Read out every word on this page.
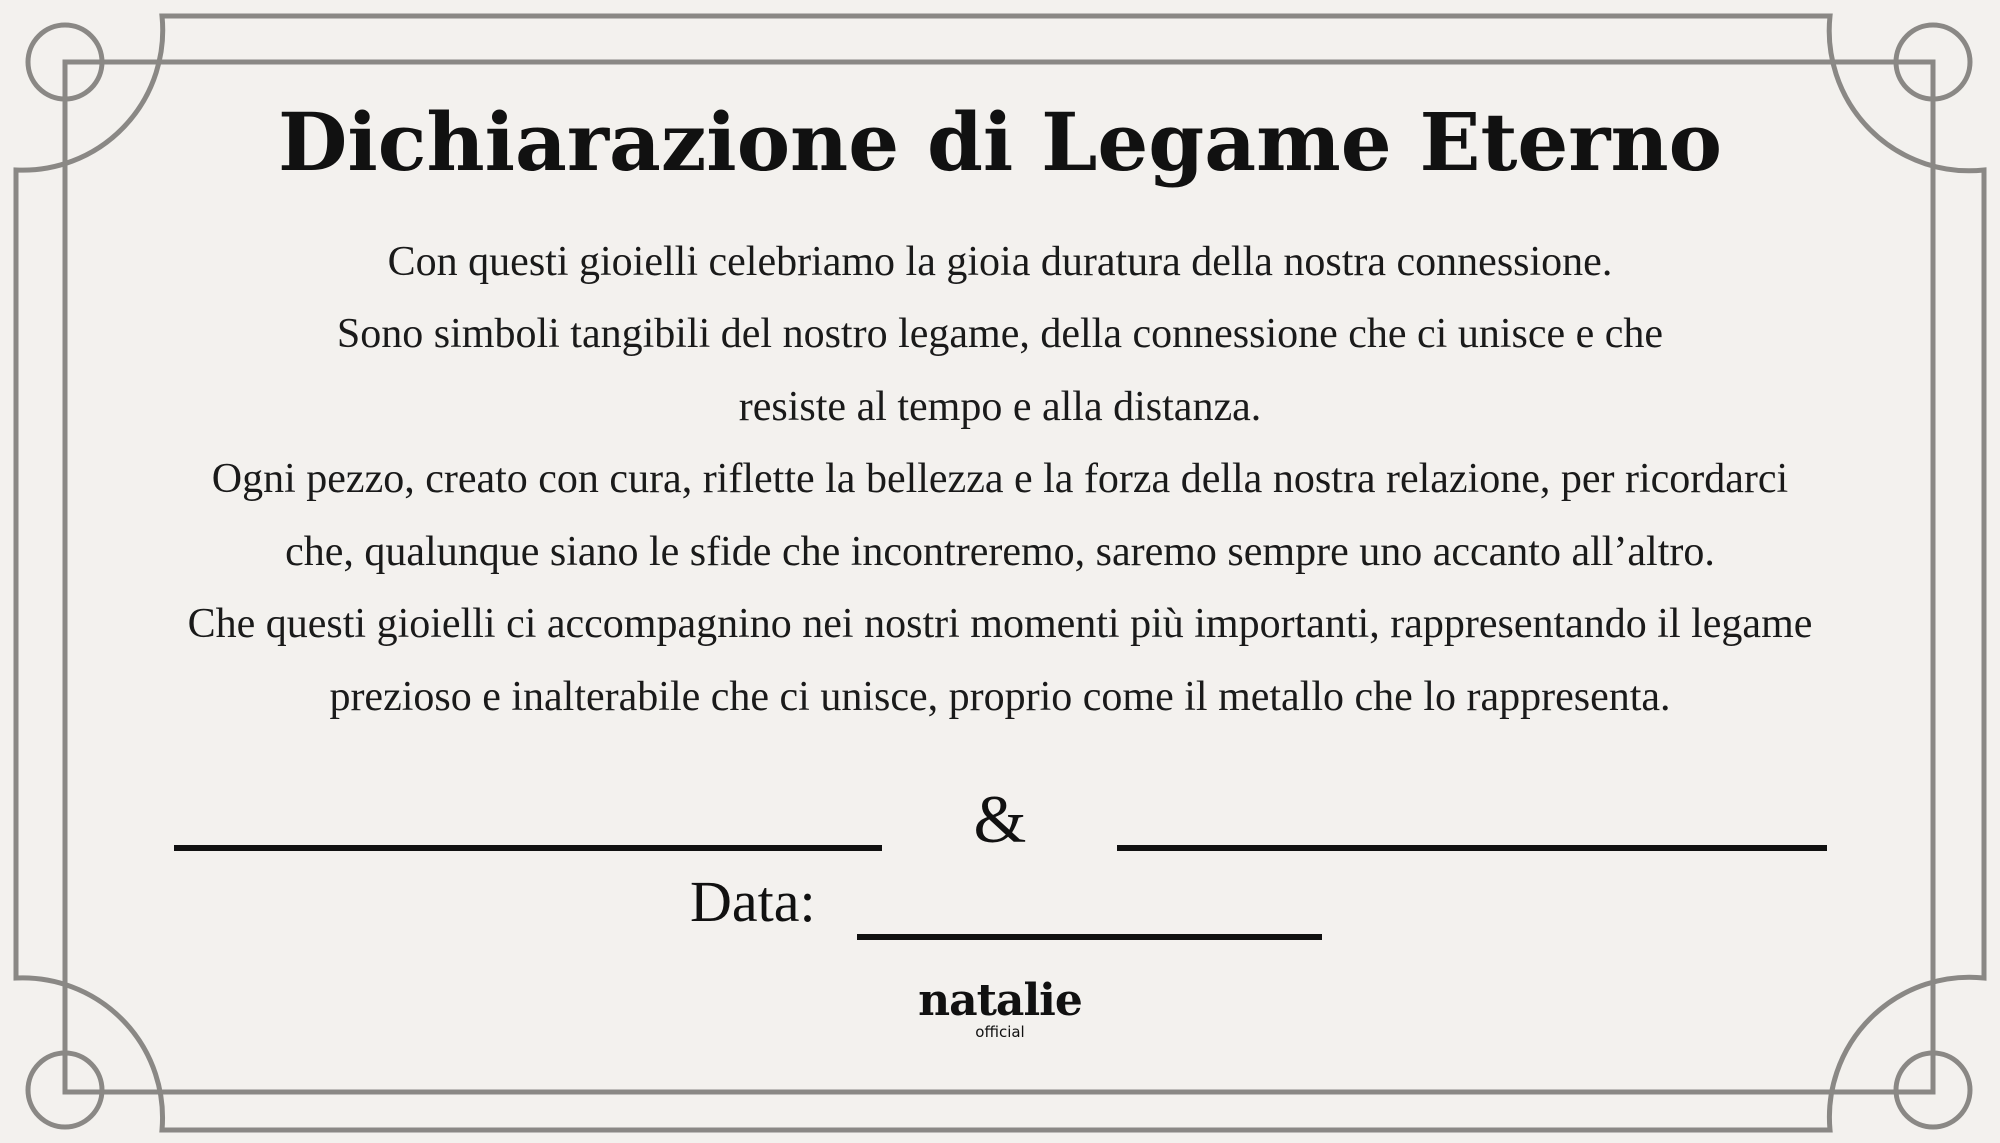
Dichiarazione di Legame Eterno
Con questi gioielli celebriamo la gioia duratura della nostra connessione.
Sono simboli tangibili del nostro legame, della connessione che ci unisce e che
resiste al tempo e alla distanza.
Ogni pezzo, creato con cura, riflette la bellezza e la forza della nostra relazione, per ricordarci
che, qualunque siano le sfide che incontreremo, saremo sempre uno accanto all’altro.
Che questi gioielli ci accompagnino nei nostri momenti più importanti, rappresentando il legame
prezioso e inalterabile che ci unisce, proprio come il metallo che lo rappresenta.
&
Data:
natalie
official
